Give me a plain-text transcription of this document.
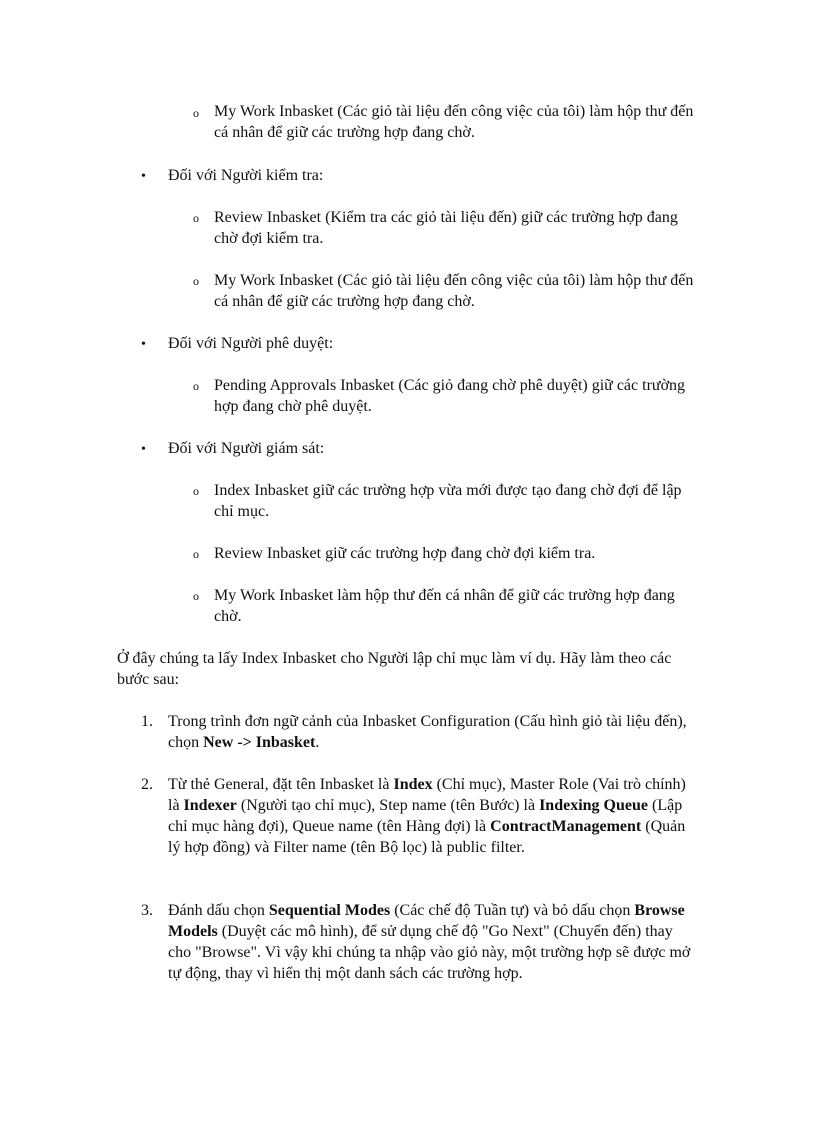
o My Work Inbasket (Các giỏ tài liệu đến công việc của tôi) làm hộp thư đến cá nhân để giữ các trường hợp đang chờ.

• Đối với Người kiểm tra:

o Review Inbasket (Kiểm tra các giỏ tài liệu đến) giữ các trường hợp đang chờ đợi kiểm tra.

o My Work Inbasket (Các giỏ tài liệu đến công việc của tôi) làm hộp thư đến cá nhân để giữ các trường hợp đang chờ.

• Đối với Người phê duyệt:

o Pending Approvals Inbasket (Các giỏ đang chờ phê duyệt) giữ các trường hợp đang chờ phê duyệt.

• Đối với Người giám sát:

o Index Inbasket giữ các trường hợp vừa mới được tạo đang chờ đợi để lập chỉ mục.

o Review Inbasket giữ các trường hợp đang chờ đợi kiểm tra.

o My Work Inbasket làm hộp thư đến cá nhân để giữ các trường hợp đang chờ.

Ở đây chúng ta lấy Index Inbasket cho Người lập chỉ mục làm ví dụ. Hãy làm theo các bước sau:

1. Trong trình đơn ngữ cảnh của Inbasket Configuration (Cấu hình giỏ tài liệu đến), chọn New -> Inbasket.

2. Từ thẻ General, đặt tên Inbasket là Index (Chỉ mục), Master Role (Vai trò chính) là Indexer (Người tạo chỉ mục), Step name (tên Bước) là Indexing Queue (Lập chỉ mục hàng đợi), Queue name (tên Hàng đợi) là ContractManagement (Quản lý hợp đồng) và Filter name (tên Bộ lọc) là public filter.

3. Đánh dấu chọn Sequential Modes (Các chế độ Tuần tự) và bỏ dấu chọn Browse Models (Duyệt các mô hình), để sử dụng chế độ "Go Next" (Chuyển đến) thay cho "Browse". Vì vậy khi chúng ta nhập vào giỏ này, một trường hợp sẽ được mở tự động, thay vì hiển thị một danh sách các trường hợp.
